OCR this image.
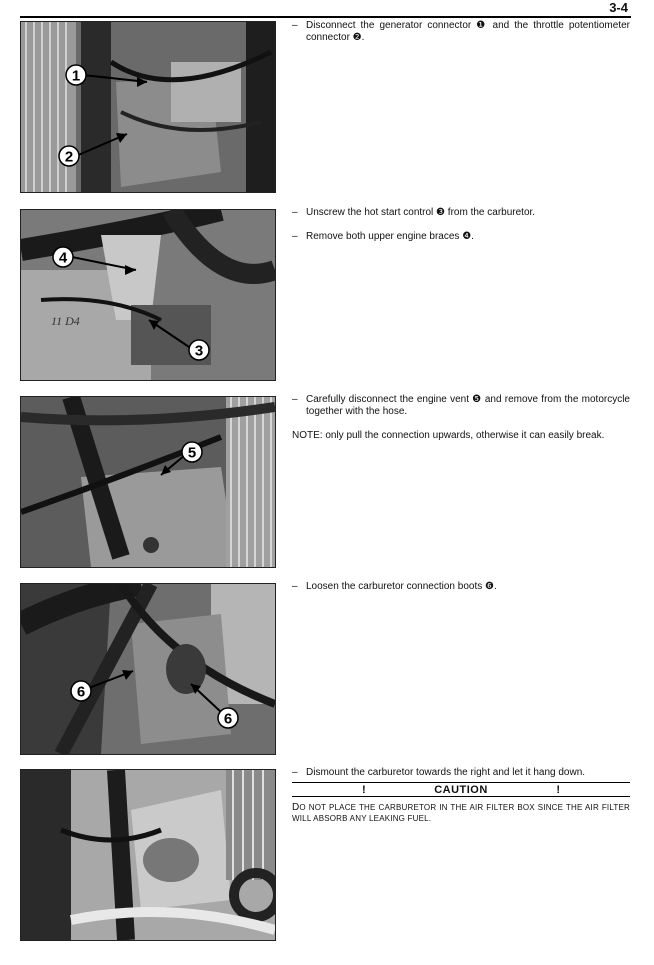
3-4
1
2
11 D4
4
3
5
6
6

– Disconnect the generator connector ❶ and the throttle potentiometer connector ❷.

– Unscrew the hot start control ❸ from the carburetor.

– Remove both upper engine braces ❹.

– Carefully disconnect the engine vent ❺ and remove from the motorcycle together with the hose.

NOTE: only pull the connection upwards, otherwise it can easily break.

– Loosen the carburetor connection boots ❻.

– Dismount the carburetor towards the right and let it hang down.

!	CAUTION	!
DO NOT PLACE THE CARBURETOR IN THE AIR FILTER BOX SINCE THE AIR FILTER WILL ABSORB ANY LEAKING FUEL.
